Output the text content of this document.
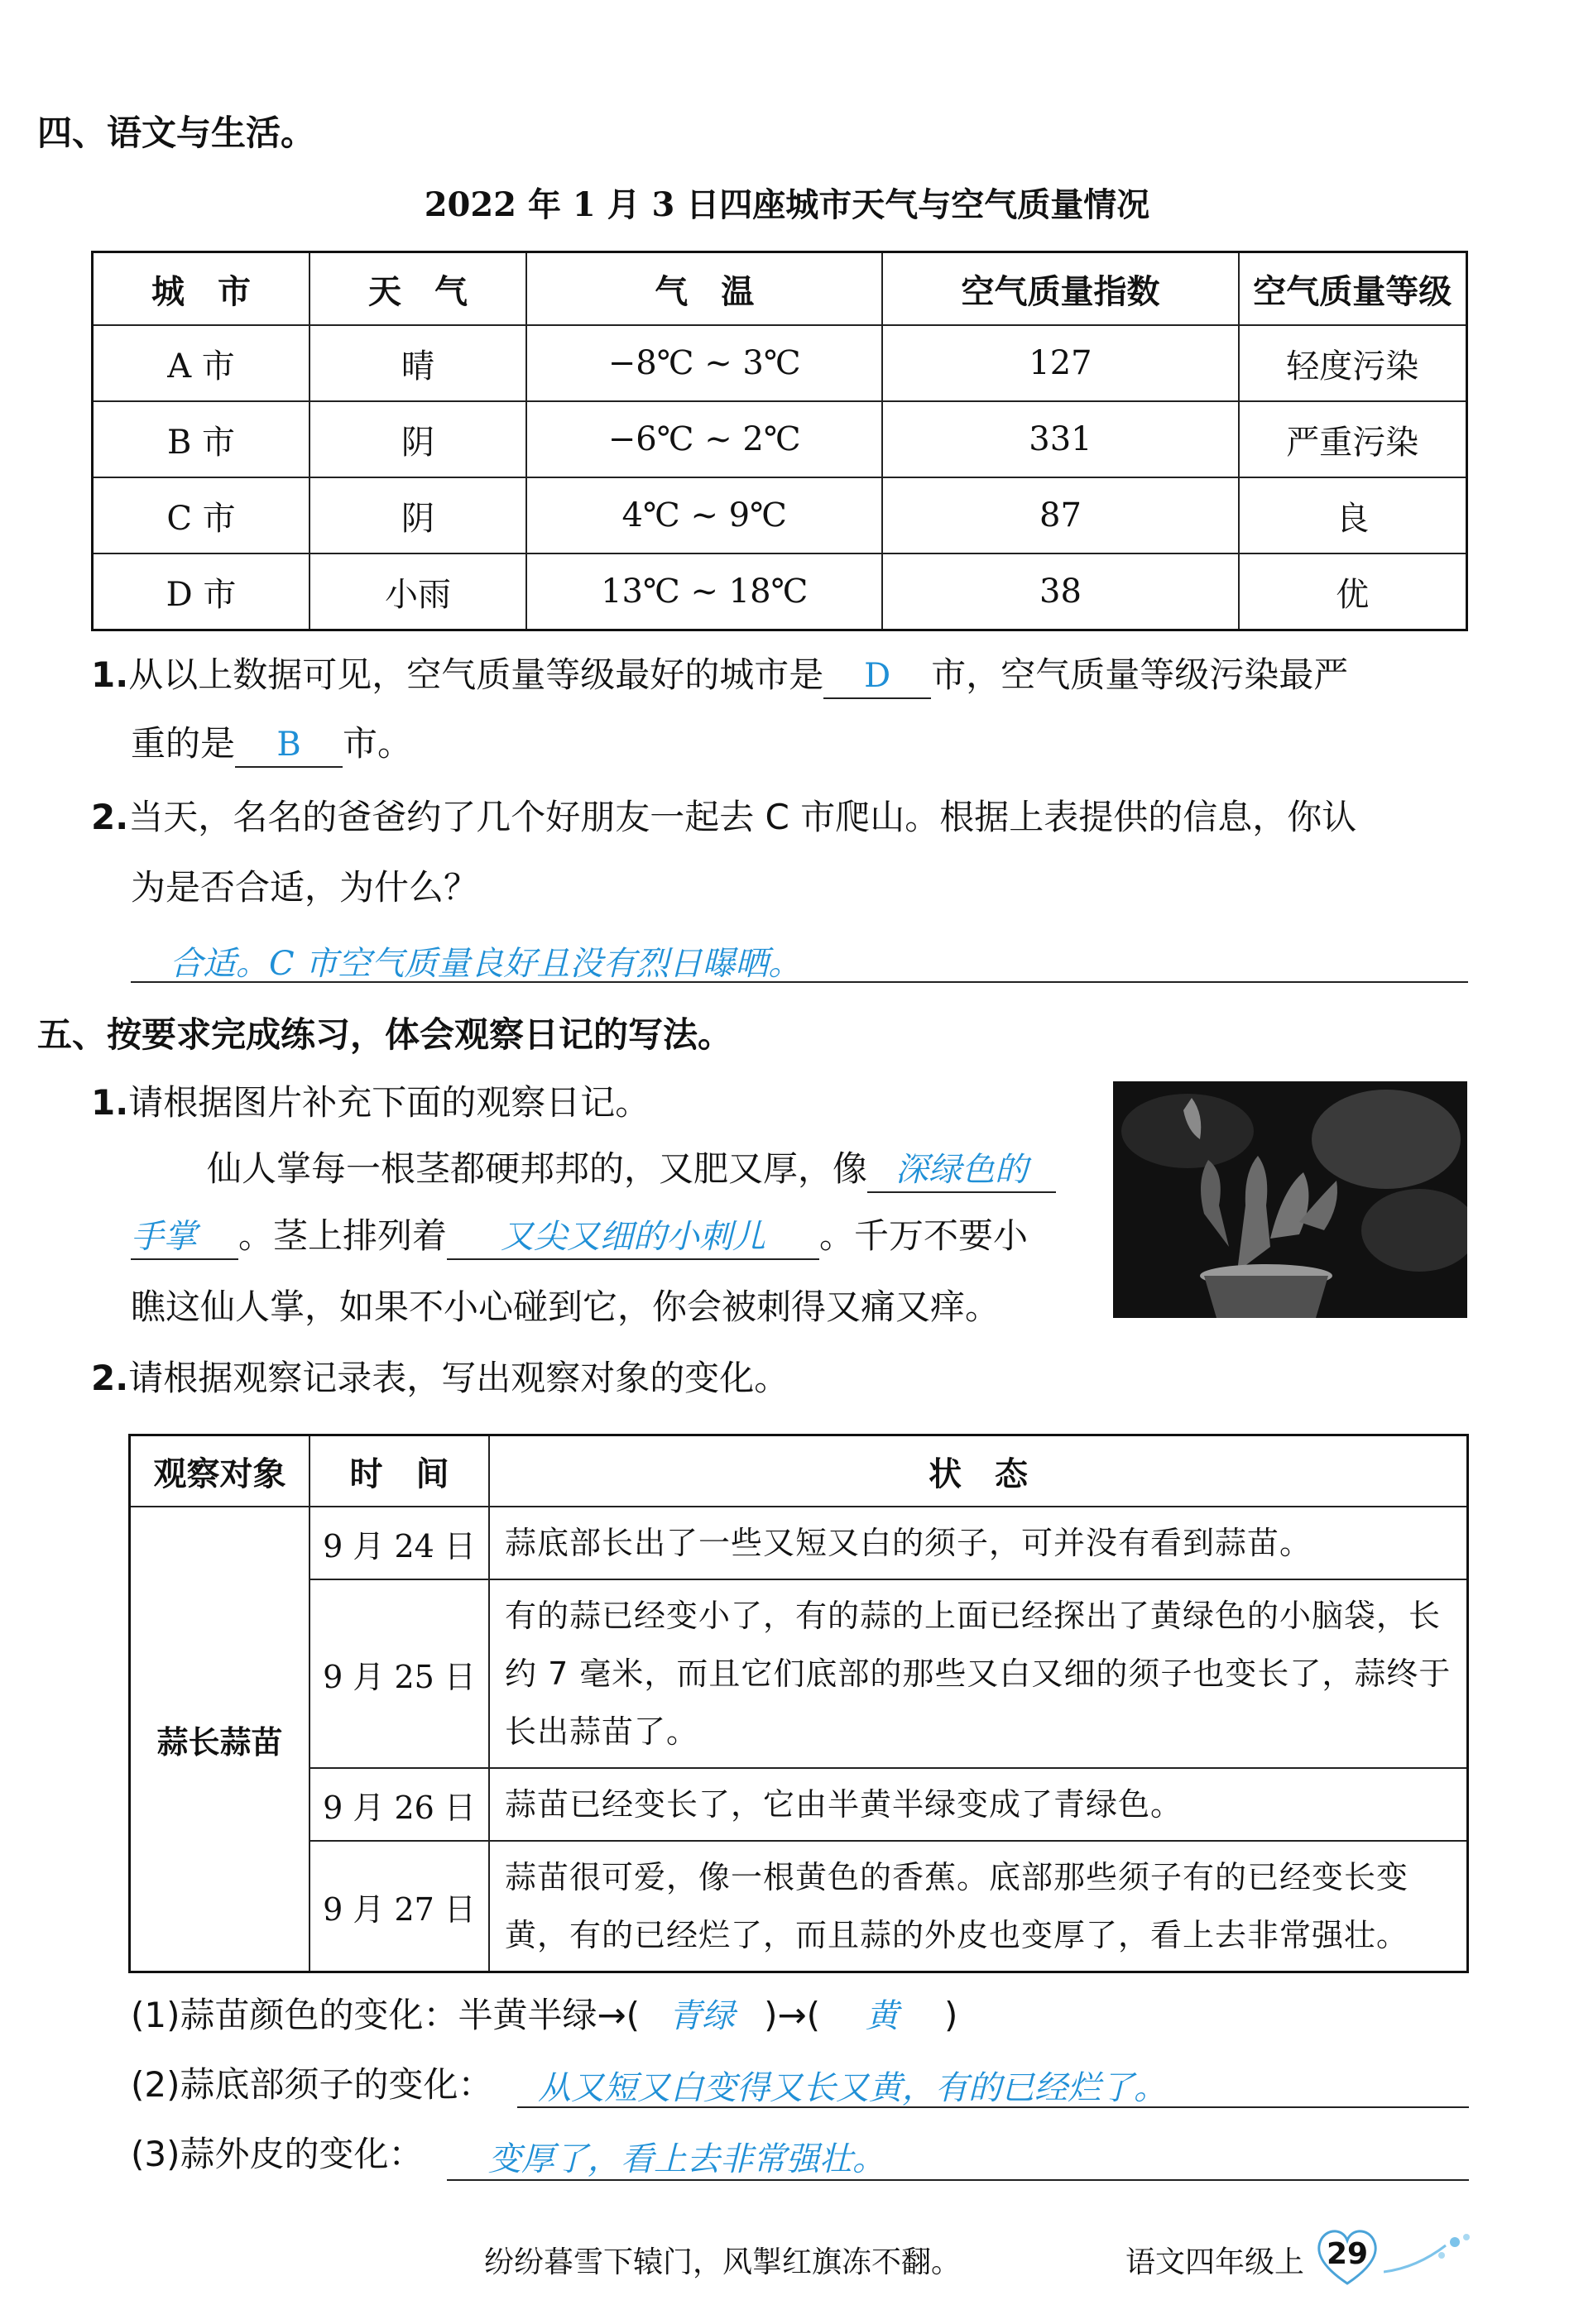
四、语文与生活。
2022 年 1 月 3 日四座城市天气与空气质量情况
城　市	天　气	气　温	空气质量指数	空气质量等级
A 市	晴	−8℃ ~ 3℃	127	轻度污染
B 市	阴	−6℃ ~ 2℃	331	严重污染
C 市	阴	4℃ ~ 9℃	87	良
D 市	小雨	13℃ ~ 18℃	38	优
1.从以上数据可见，空气质量等级最好的城市是 D 市，空气质量等级污染最严
重的是 B 市。
2.当天，名名的爸爸约了几个好朋友一起去 C 市爬山。根据上表提供的信息，你认
为是否合适，为什么？
合适。C 市空气质量良好且没有烈日曝晒。
五、按要求完成练习，体会观察日记的写法。
1.请根据图片补充下面的观察日记。
仙人掌每一根茎都硬邦邦的，又肥又厚，像 深绿色的
手掌 。茎上排列着 又尖又细的小刺儿 。千万不要小
瞧这仙人掌，如果不小心碰到它，你会被刺得又痛又痒。
2.请根据观察记录表，写出观察对象的变化。
观察对象	时　间	状　态
蒜长蒜苗	9 月 24 日	蒜底部长出了一些又短又白的须子，可并没有看到蒜苗。
	9 月 25 日	有的蒜已经变小了，有的蒜的上面已经探出了黄绿色的小脑袋，长约 7 毫米，而且它们底部的那些又白又细的须子也变长了，蒜终于长出蒜苗了。
	9 月 26 日	蒜苗已经变长了，它由半黄半绿变成了青绿色。
	9 月 27 日	蒜苗很可爱，像一根黄色的香蕉。底部那些须子有的已经变长变黄，有的已经烂了，而且蒜的外皮也变厚了，看上去非常强壮。
(1)蒜苗颜色的变化：半黄半绿→( 青绿 )→( 黄 )
(2)蒜底部须子的变化： 从又短又白变得又长又黄，有的已经烂了。
(3)蒜外皮的变化： 变厚了，看上去非常强壮。
纷纷暮雪下辕门，风掣红旗冻不翻。	语文四年级上 29
